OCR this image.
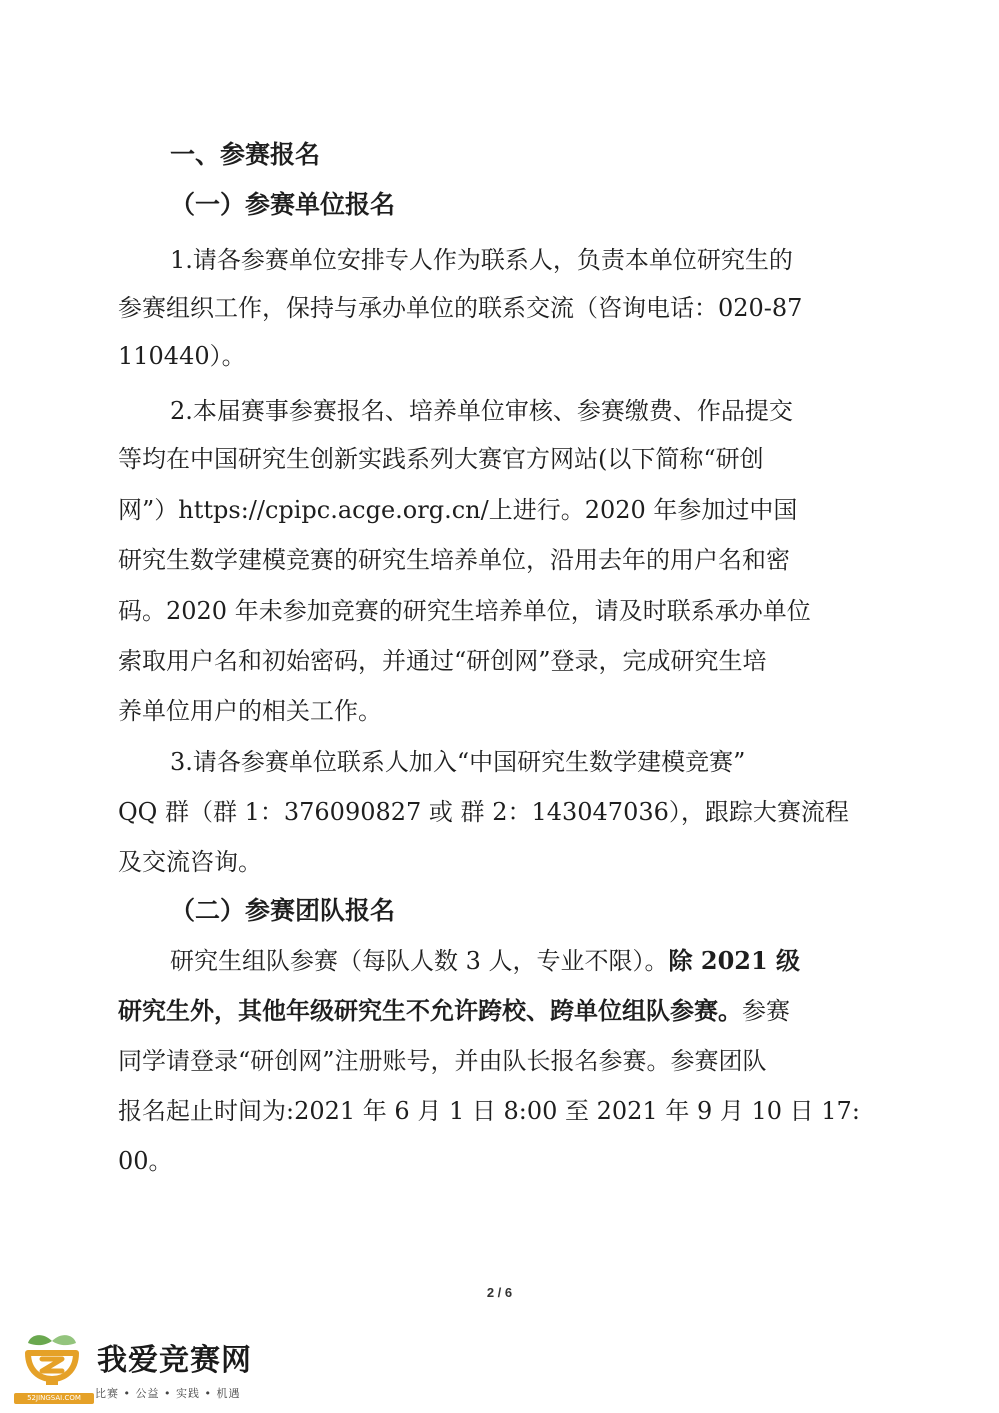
一、参赛报名
（一）参赛单位报名
1.请各参赛单位安排专人作为联系人，负责本单位研究生的
参赛组织工作，保持与承办单位的联系交流（咨询电话：020-87
110440）。
2.本届赛事参赛报名、培养单位审核、参赛缴费、作品提交
等均在中国研究生创新实践系列大赛官方网站(以下简称“研创
网”）https://cpipc.acge.org.cn/上进行。2020 年参加过中国
研究生数学建模竞赛的研究生培养单位，沿用去年的用户名和密
码。2020 年未参加竞赛的研究生培养单位，请及时联系承办单位
索取用户名和初始密码，并通过“研创网”登录，完成研究生培
养单位用户的相关工作。
3.请各参赛单位联系人加入“中国研究生数学建模竞赛”
QQ 群（群 1：376090827 或 群 2：143047036），跟踪大赛流程
及交流咨询。
（二）参赛团队报名
研究生组队参赛（每队人数 3 人，专业不限）。除 2021 级
研究生外，其他年级研究生不允许跨校、跨单位组队参赛。参赛
同学请登录“研创网”注册账号，并由队长报名参赛。参赛团队
报名起止时间为:2021 年 6 月 1 日 8:00 至 2021 年 9 月 10 日 17:
00。
2 / 6
52JINGSAI.COM
我爱竞赛网
比赛 • 公益 • 实践 • 机遇
